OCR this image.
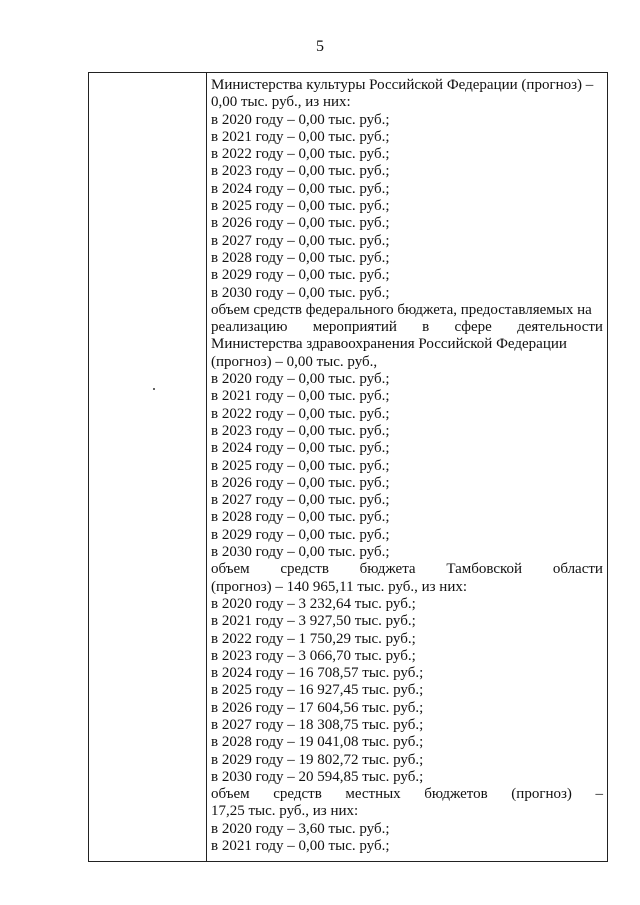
5
Министерства культуры Российской Федерации (прогноз) –
0,00 тыс. руб., из них:
в 2020 году – 0,00 тыс. руб.;
в 2021 году – 0,00 тыс. руб.;
в 2022 году – 0,00 тыс. руб.;
в 2023 году – 0,00 тыс. руб.;
в 2024 году – 0,00 тыс. руб.;
в 2025 году – 0,00 тыс. руб.;
в 2026 году – 0,00 тыс. руб.;
в 2027 году – 0,00 тыс. руб.;
в 2028 году – 0,00 тыс. руб.;
в 2029 году – 0,00 тыс. руб.;
в 2030 году – 0,00 тыс. руб.;
объем средств федерального бюджета, предоставляемых на
реализацию мероприятий в сфере деятельности
Министерства здравоохранения Российской Федерации
(прогноз) – 0,00 тыс. руб.,
в 2020 году – 0,00 тыс. руб.;
в 2021 году – 0,00 тыс. руб.;
в 2022 году – 0,00 тыс. руб.;
в 2023 году – 0,00 тыс. руб.;
в 2024 году – 0,00 тыс. руб.;
в 2025 году – 0,00 тыс. руб.;
в 2026 году – 0,00 тыс. руб.;
в 2027 году – 0,00 тыс. руб.;
в 2028 году – 0,00 тыс. руб.;
в 2029 году – 0,00 тыс. руб.;
в 2030 году – 0,00 тыс. руб.;
объем средств бюджета Тамбовской области
(прогноз) – 140 965,11 тыс. руб., из них:
в 2020 году – 3 232,64 тыс. руб.;
в 2021 году – 3 927,50 тыс. руб.;
в 2022 году – 1 750,29 тыс. руб.;
в 2023 году – 3 066,70 тыс. руб.;
в 2024 году – 16 708,57 тыс. руб.;
в 2025 году – 16 927,45 тыс. руб.;
в 2026 году – 17 604,56 тыс. руб.;
в 2027 году – 18 308,75 тыс. руб.;
в 2028 году – 19 041,08 тыс. руб.;
в 2029 году – 19 802,72 тыс. руб.;
в 2030 году – 20 594,85 тыс. руб.;
объем средств местных бюджетов (прогноз) –
17,25 тыс. руб., из них:
в 2020 году – 3,60 тыс. руб.;
в 2021 году – 0,00 тыс. руб.;
